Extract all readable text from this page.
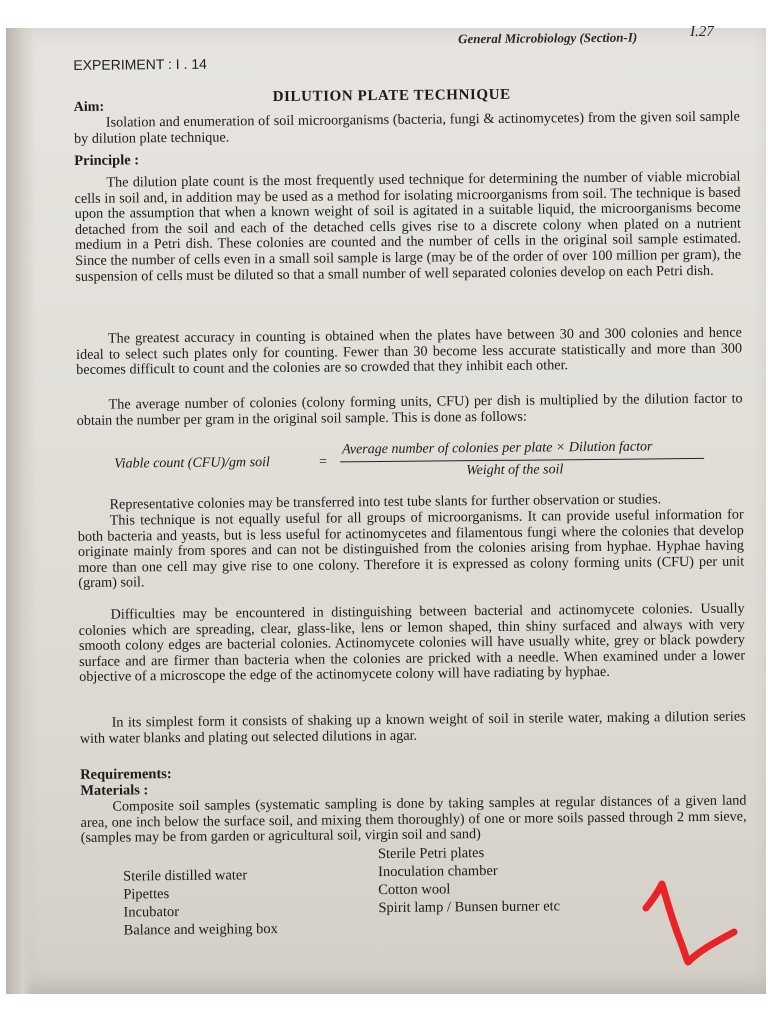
General Microbiology (Section-I)	I.27
EXPERIMENT : I . 14
DILUTION PLATE TECHNIQUE
Aim:
Isolation and enumeration of soil microorganisms (bacteria, fungi & actinomycetes) from the given soil sample by dilution plate technique.
Principle :
The dilution plate count is the most frequently used technique for determining the number of viable microbial cells in soil and, in addition may be used as a method for isolating microorganisms from soil. The technique is based upon the assumption that when a known weight of soil is agitated in a suitable liquid, the microorganisms become detached from the soil and each of the detached cells gives rise to a discrete colony when plated on a nutrient medium in a Petri dish. These colonies are counted and the number of cells in the original soil sample estimated. Since the number of cells even in a small soil sample is large (may be of the order of over 100 million per gram), the suspension of cells must be diluted so that a small number of well separated colonies develop on each Petri dish.
The greatest accuracy in counting is obtained when the plates have between 30 and 300 colonies and hence ideal to select such plates only for counting. Fewer than 30 become less accurate statistically and more than 300 becomes difficult to count and the colonies are so crowded that they inhibit each other.
The average number of colonies (colony forming units, CFU) per dish is multiplied by the dilution factor to obtain the number per gram in the original soil sample. This is done as follows:
Viable count (CFU)/gm soil	=
Average number of colonies per plate × Dilution factor
Weight of the soil
Representative colonies may be transferred into test tube slants for further observation or studies.
This technique is not equally useful for all groups of microorganisms. It can provide useful information for both bacteria and yeasts, but is less useful for actinomycetes and filamentous fungi where the colonies that develop originate mainly from spores and can not be distinguished from the colonies arising from hyphae. Hyphae having more than one cell may give rise to one colony. Therefore it is expressed as colony forming units (CFU) per unit (gram) soil.
Difficulties may be encountered in distinguishing between bacterial and actinomycete colonies. Usually colonies which are spreading, clear, glass-like, lens or lemon shaped, thin shiny surfaced and always with very smooth colony edges are bacterial colonies. Actinomycete colonies will have usually white, grey or black powdery surface and are firmer than bacteria when the colonies are pricked with a needle. When examined under a lower objective of a microscope the edge of the actinomycete colony will have radiating by hyphae.
In its simplest form it consists of shaking up a known weight of soil in sterile water, making a dilution series with water blanks and plating out selected dilutions in agar.
Requirements:
Materials :
Composite soil samples (systematic sampling is done by taking samples at regular distances of a given land area, one inch below the surface soil, and mixing them thoroughly) of one or more soils passed through 2 mm sieve, (samples may be from garden or agricultural soil, virgin soil and sand)
Sterile distilled water
Pipettes
Incubator
Balance and weighing box
Sterile Petri plates
Inoculation chamber
Cotton wool
Spirit lamp / Bunsen burner etc
